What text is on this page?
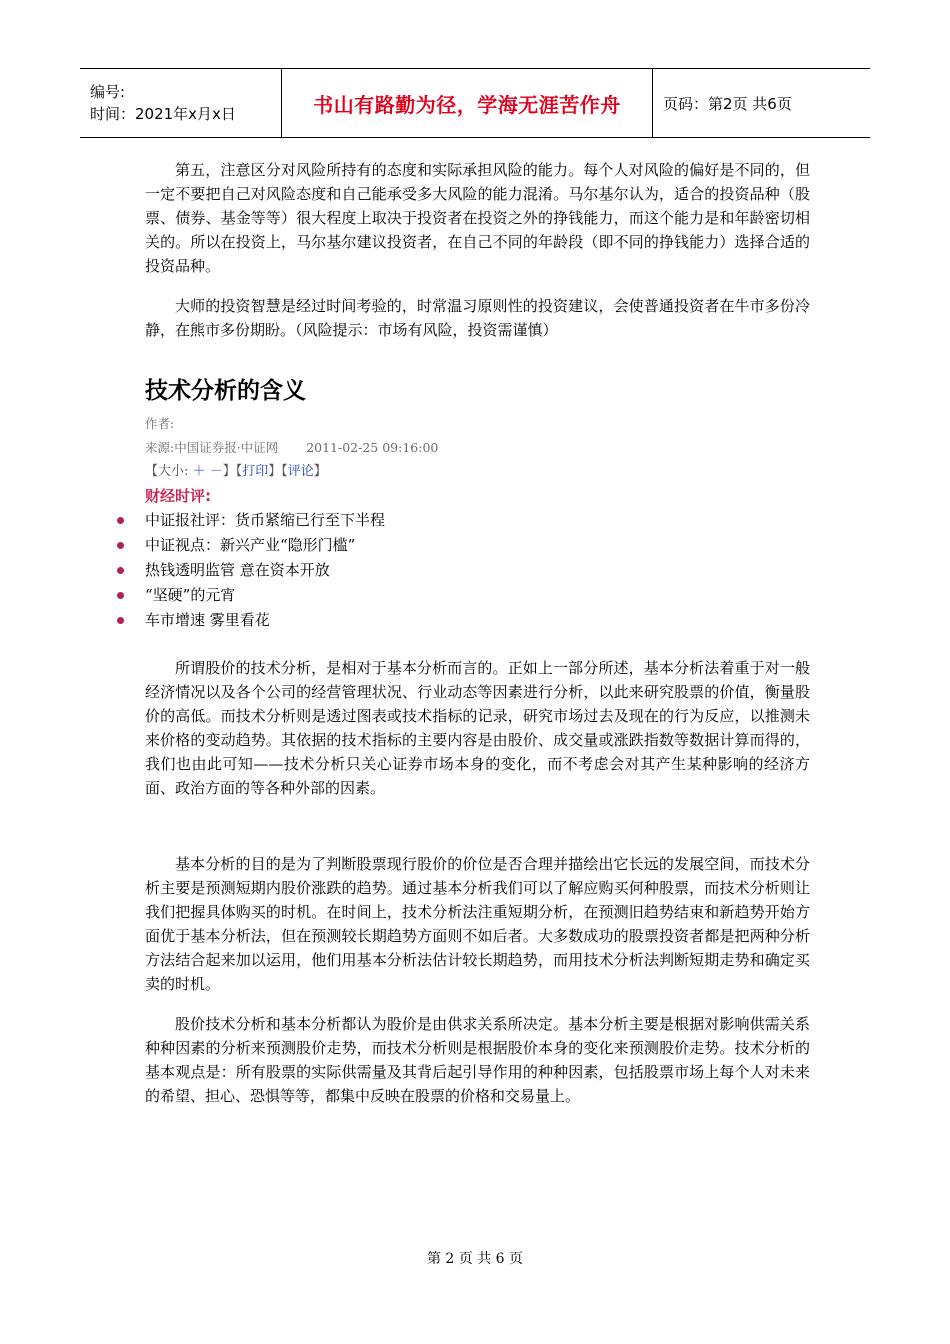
编号:
时间：2021年x月x日	书山有路勤为径，学海无涯苦作舟	页码：第2页 共6页

第五，注意区分对风险所持有的态度和实际承担风险的能力。每个人对风险的偏好是不同的，但一定不要把自己对风险态度和自己能承受多大风险的能力混淆。马尔基尔认为，适合的投资品种（股票、债券、基金等等）很大程度上取决于投资者在投资之外的挣钱能力，而这个能力是和年龄密切相关的。所以在投资上，马尔基尔建议投资者，在自己不同的年龄段（即不同的挣钱能力）选择合适的投资品种。

大师的投资智慧是经过时间考验的，时常温习原则性的投资建议，会使普通投资者在牛市多份冷静，在熊市多份期盼。（风险提示：市场有风险，投资需谨慎）

技术分析的含义
作者:
来源:中国证券报·中证网 2011-02-25 09:16:00
【大小: ＋ －】【打印】【评论】
财经时评:
中证报社评：货币紧缩已行至下半程
中证视点：新兴产业“隐形门槛”
热钱透明监管 意在资本开放
“坚硬”的元宵
车市增速 雾里看花

所谓股价的技术分析，是相对于基本分析而言的。正如上一部分所述，基本分析法着重于对一般经济情况以及各个公司的经营管理状况、行业动态等因素进行分析，以此来研究股票的价值，衡量股价的高低。而技术分析则是透过图表或技术指标的记录，研究市场过去及现在的行为反应，以推测未来价格的变动趋势。其依据的技术指标的主要内容是由股价、成交量或涨跌指数等数据计算而得的，我们也由此可知——技术分析只关心证券市场本身的变化，而不考虑会对其产生某种影响的经济方面、政治方面的等各种外部的因素。

基本分析的目的是为了判断股票现行股价的价位是否合理并描绘出它长远的发展空间，而技术分析主要是预测短期内股价涨跌的趋势。通过基本分析我们可以了解应购买何种股票，而技术分析则让我们把握具体购买的时机。在时间上，技术分析法注重短期分析，在预测旧趋势结束和新趋势开始方面优于基本分析法，但在预测较长期趋势方面则不如后者。大多数成功的股票投资者都是把两种分析方法结合起来加以运用，他们用基本分析法估计较长期趋势，而用技术分析法判断短期走势和确定买卖的时机。

股价技术分析和基本分析都认为股价是由供求关系所决定。基本分析主要是根据对影响供需关系种种因素的分析来预测股价走势，而技术分析则是根据股价本身的变化来预测股价走势。技术分析的基本观点是：所有股票的实际供需量及其背后起引导作用的种种因素，包括股票市场上每个人对未来的希望、担心、恐惧等等，都集中反映在股票的价格和交易量上。

第 2 页 共 6 页
